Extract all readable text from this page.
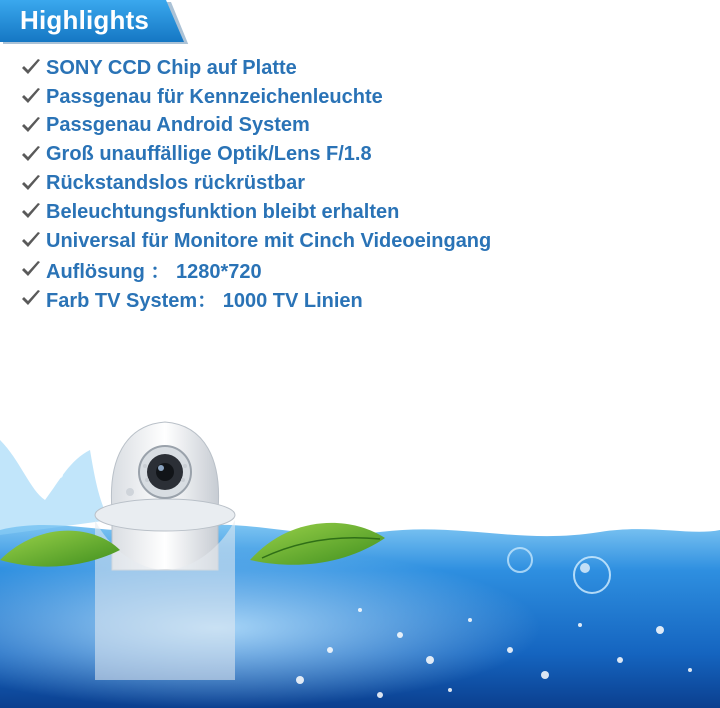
Highlights
SONY CCD Chip auf Platte
Passgenau für Kennzeichenleuchte
Passgenau Android System
Groß unauffällige Optik/Lens F/1.8
Rückstandslos rückrüstbar
Beleuchtungsfunktion bleibt erhalten
Universal für Monitore mit Cinch Videoeingang
Auflösung ： 1280*720
Farb TV System： 1000 TV Linien
